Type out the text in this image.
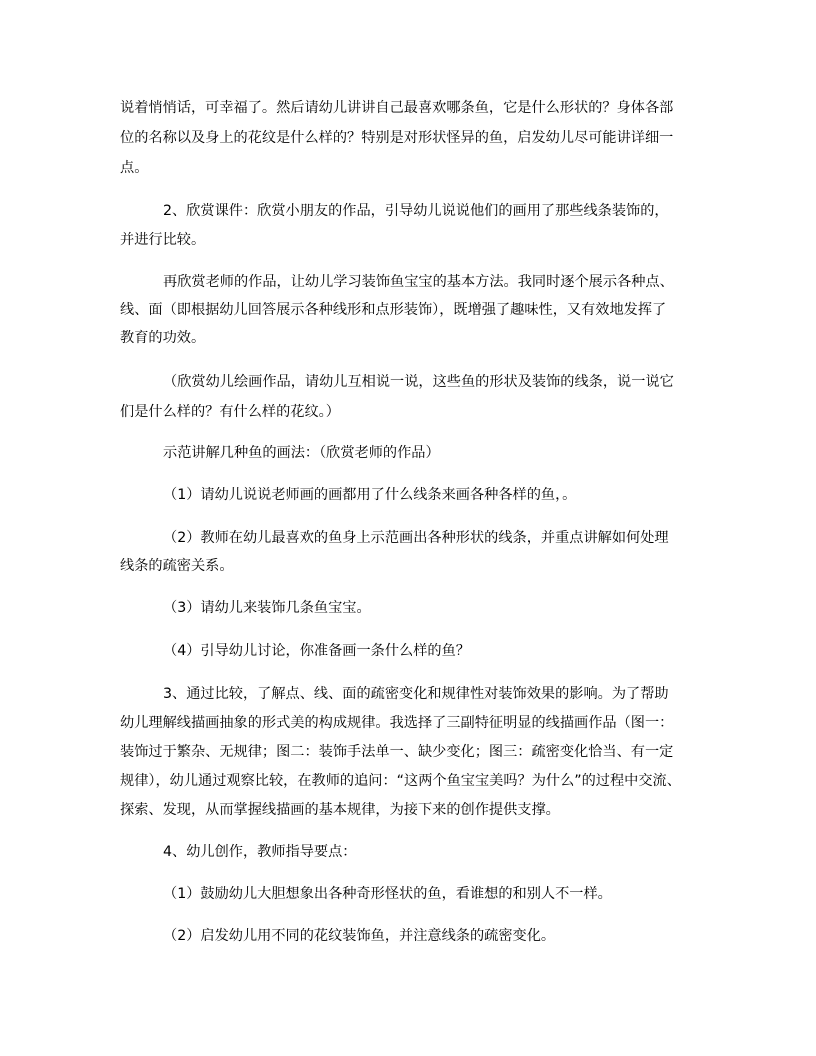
说着悄悄话，可幸福了。然后请幼儿讲讲自己最喜欢哪条鱼，它是什么形状的？身体各部
位的名称以及身上的花纹是什么样的？特别是对形状怪异的鱼，启发幼儿尽可能讲详细一
点。
2、欣赏课件：欣赏小朋友的作品，引导幼儿说说他们的画用了那些线条装饰的，
并进行比较。
再欣赏老师的作品，让幼儿学习装饰鱼宝宝的基本方法。我同时逐个展示各种点、
线、面（即根据幼儿回答展示各种线形和点形装饰），既增强了趣味性，又有效地发挥了
教育的功效。
（欣赏幼儿绘画作品，请幼儿互相说一说，这些鱼的形状及装饰的线条，说一说它
们是什么样的？有什么样的花纹。）
示范讲解几种鱼的画法：（欣赏老师的作品）
（1）请幼儿说说老师画的画都用了什么线条来画各种各样的鱼，。
（2）教师在幼儿最喜欢的鱼身上示范画出各种形状的线条，并重点讲解如何处理
线条的疏密关系。
（3）请幼儿来装饰几条鱼宝宝。
（4）引导幼儿讨论，你准备画一条什么样的鱼？
3、通过比较，了解点、线、面的疏密变化和规律性对装饰效果的影响。为了帮助
幼儿理解线描画抽象的形式美的构成规律。我选择了三副特征明显的线描画作品（图一：
装饰过于繁杂、无规律；图二：装饰手法单一、缺少变化；图三：疏密变化恰当、有一定
规律），幼儿通过观察比较，在教师的追问：“这两个鱼宝宝美吗？为什么”的过程中交流、
探索、发现，从而掌握线描画的基本规律，为接下来的创作提供支撑。
4、幼儿创作，教师指导要点：
（1）鼓励幼儿大胆想象出各种奇形怪状的鱼，看谁想的和别人不一样。
（2）启发幼儿用不同的花纹装饰鱼，并注意线条的疏密变化。
